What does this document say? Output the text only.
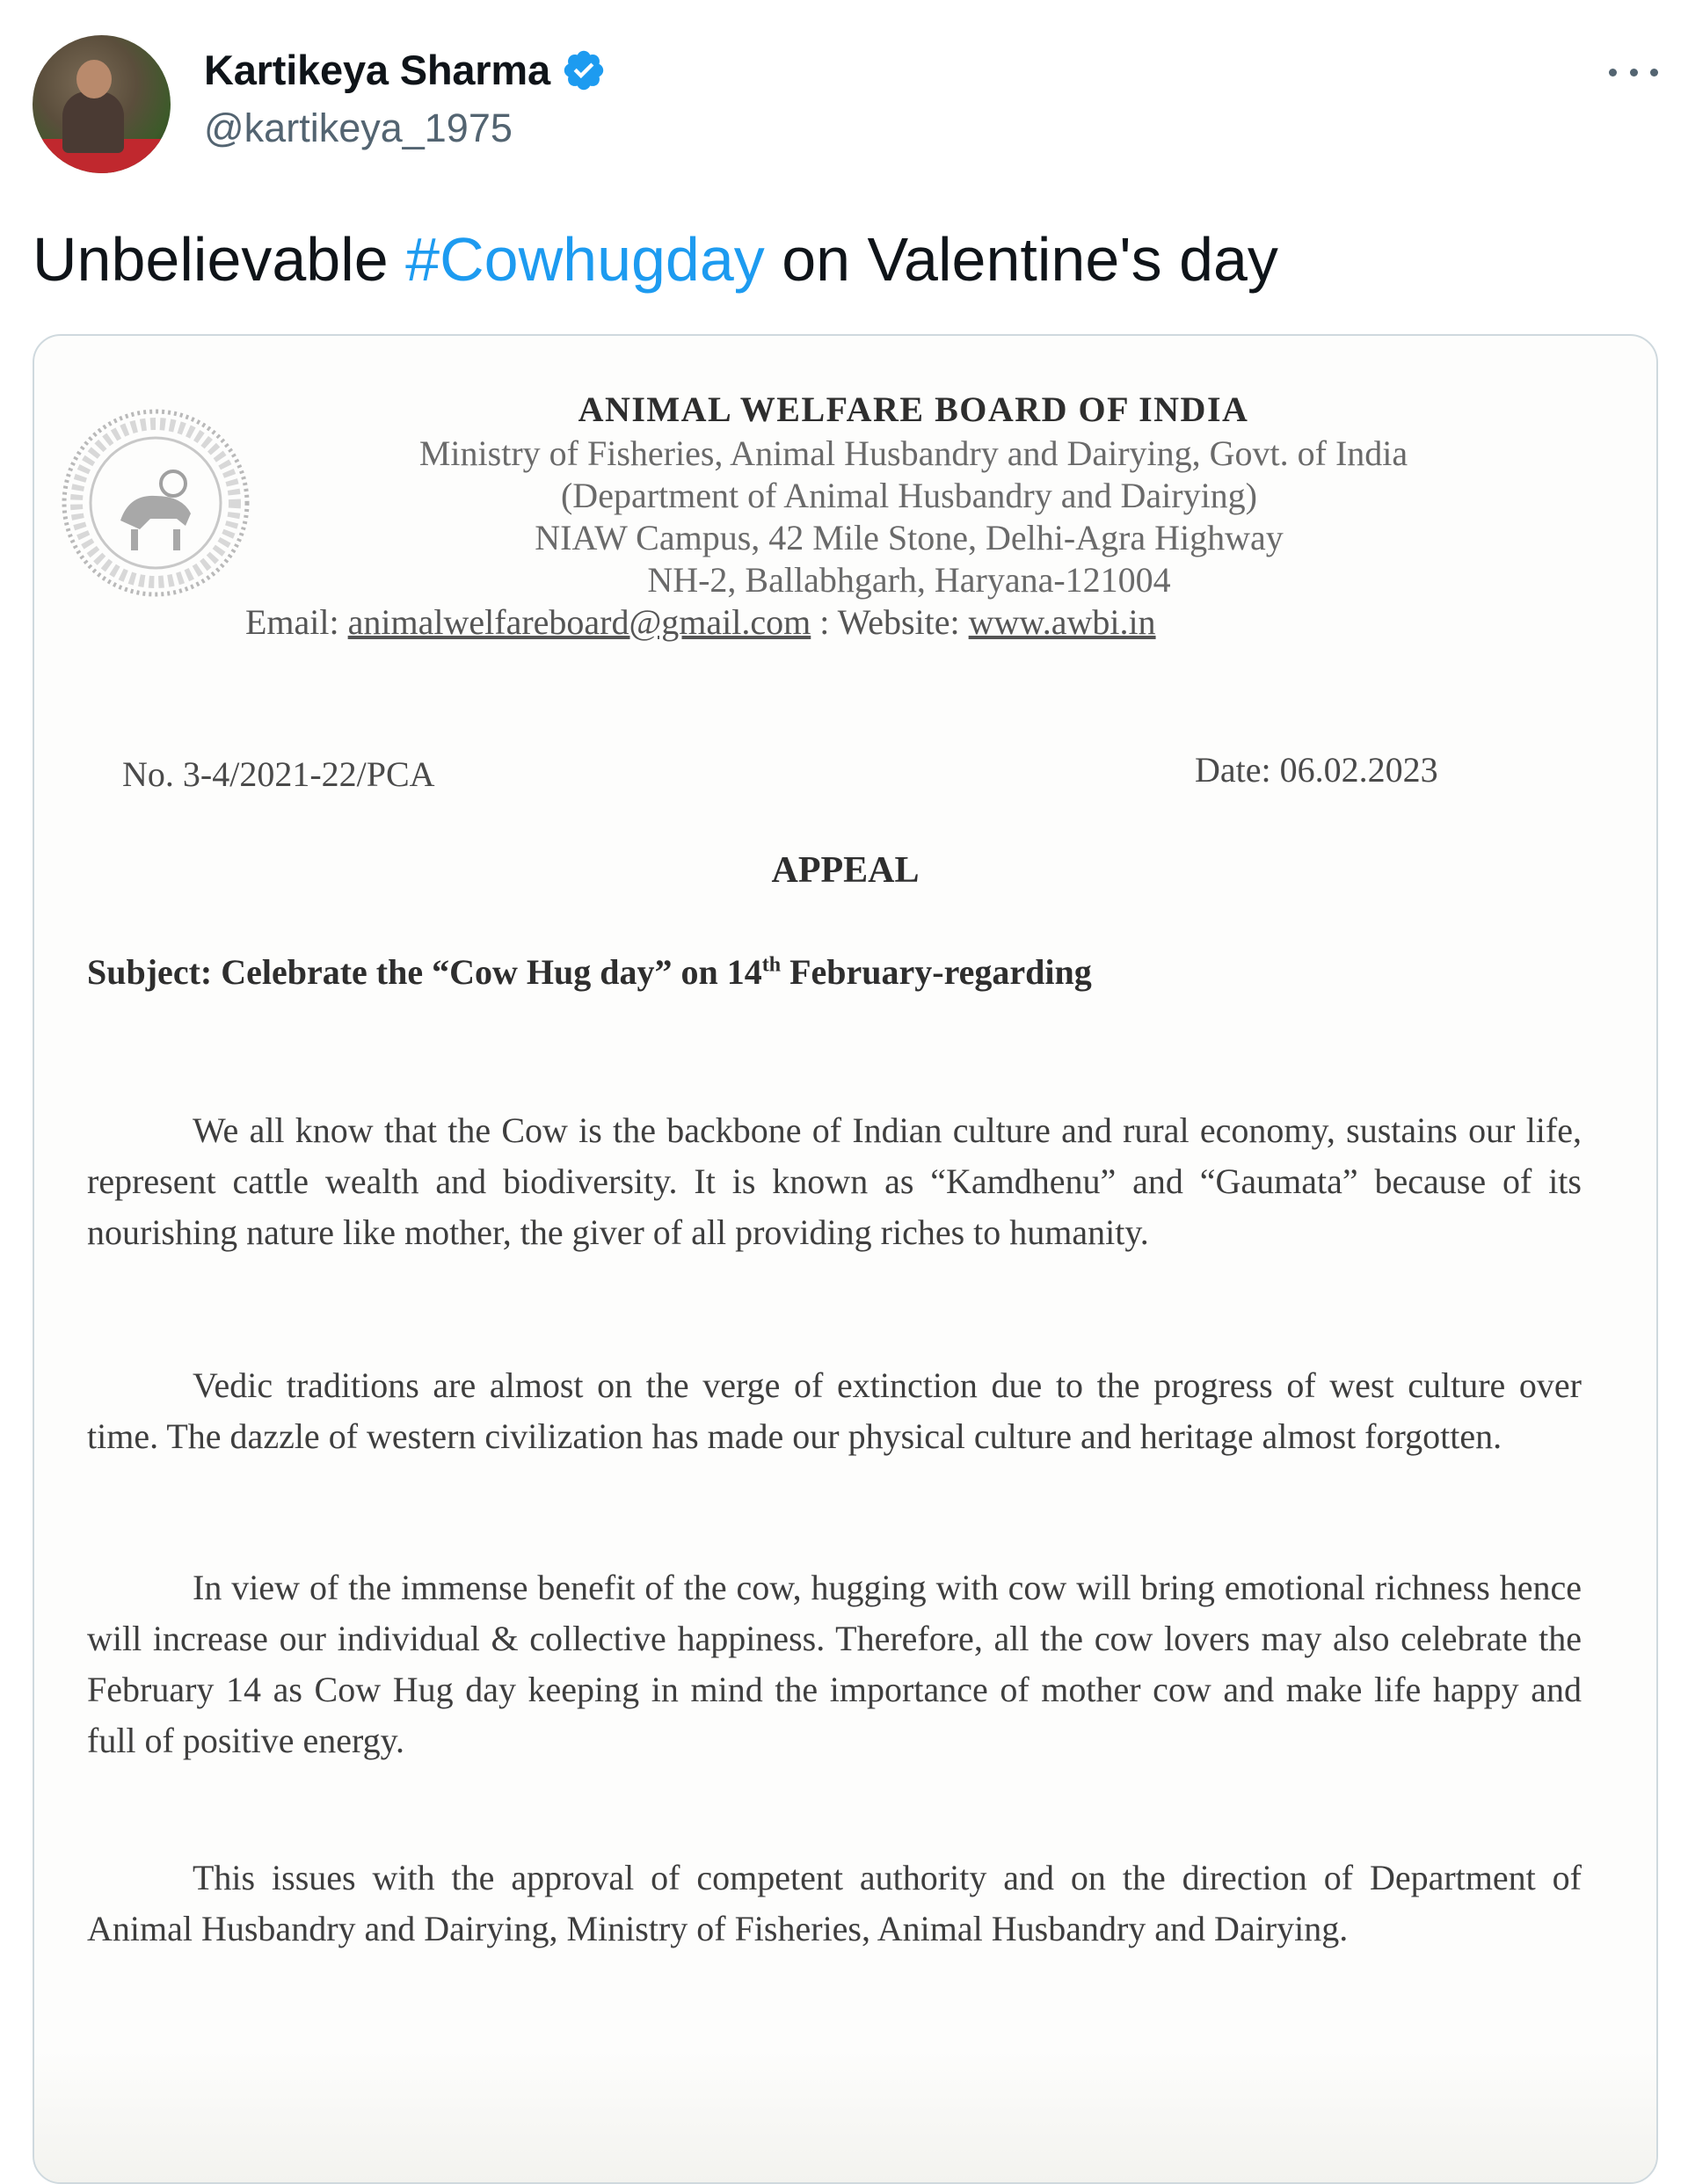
Kartikeya Sharma
@kartikeya_1975
Unbelievable #Cowhugday on Valentine's day
ANIMAL WELFARE BOARD OF INDIA
Ministry of Fisheries, Animal Husbandry and Dairying, Govt. of India
(Department of Animal Husbandry and Dairying)
NIAW Campus, 42 Mile Stone, Delhi-Agra Highway
NH-2, Ballabhgarh, Haryana-121004
Email: animalwelfareboard@gmail.com : Website: www.awbi.in
No. 3-4/2021-22/PCA	Date: 06.02.2023
APPEAL
Subject: Celebrate the “Cow Hug day” on 14th February-regarding
We all know that the Cow is the backbone of Indian culture and rural economy, sustains our life, represent cattle wealth and biodiversity. It is known as “Kamdhenu” and “Gaumata” because of its nourishing nature like mother, the giver of all providing riches to humanity.
Vedic traditions are almost on the verge of extinction due to the progress of west culture over time. The dazzle of western civilization has made our physical culture and heritage almost forgotten.
In view of the immense benefit of the cow, hugging with cow will bring emotional richness hence will increase our individual & collective happiness. Therefore, all the cow lovers may also celebrate the February 14 as Cow Hug day keeping in mind the importance of mother cow and make life happy and full of positive energy.
This issues with the approval of competent authority and on the direction of Department of Animal Husbandry and Dairying, Ministry of Fisheries, Animal Husbandry and Dairying.
